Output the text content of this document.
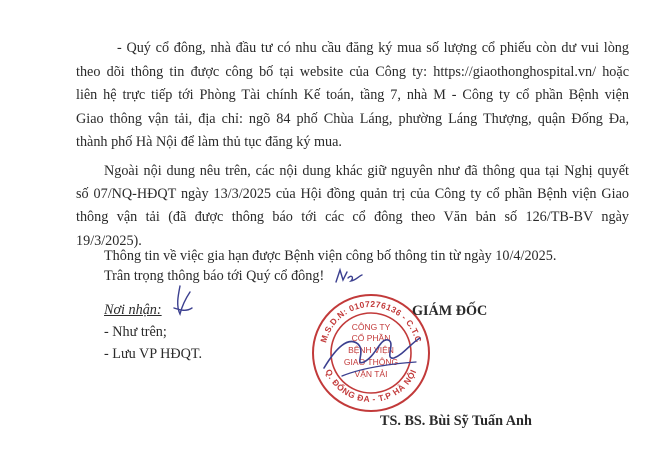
- Quý cổ đông, nhà đầu tư có nhu cầu đăng ký mua số lượng cổ phiếu còn dư vui lòng
theo dõi thông tin được công bố tại website của Công ty: https://giaothonghospital.vn/ hoặc
liên hệ trực tiếp tới Phòng Tài chính Kế toán, tầng 7, nhà M - Công ty cổ phần Bệnh viện
Giao thông vận tải, địa chỉ: ngõ 84 phố Chùa Láng, phường Láng Thượng, quận Đống Đa,
thành phố Hà Nội để làm thủ tục đăng ký mua.
Ngoài nội dung nêu trên, các nội dung khác giữ nguyên như đã thông qua tại Nghị quyết
số 07/NQ-HĐQT ngày 13/3/2025 của Hội đồng quản trị của Công ty cổ phần Bệnh viện Giao
thông vận tải (đã được thông báo tới các cổ đông theo Văn bản số 126/TB-BV ngày
19/3/2025).
Thông tin về việc gia hạn được Bệnh viện công bố thông tin từ ngày 10/4/2025.
Trân trọng thông báo tới Quý cổ đông!
Nơi nhận:
- Như trên;
- Lưu VP HĐQT.
M.S.D.N: 0107276136 - C.T.C
Q. ĐỐNG ĐA - T.P HÀ NỘI
CÔNG TY
CỔ PHẦN
BỆNH VIỆN
GIAO THÔNG
VẬN TẢI
GIÁM ĐỐC
TS. BS. Bùi Sỹ Tuấn Anh
